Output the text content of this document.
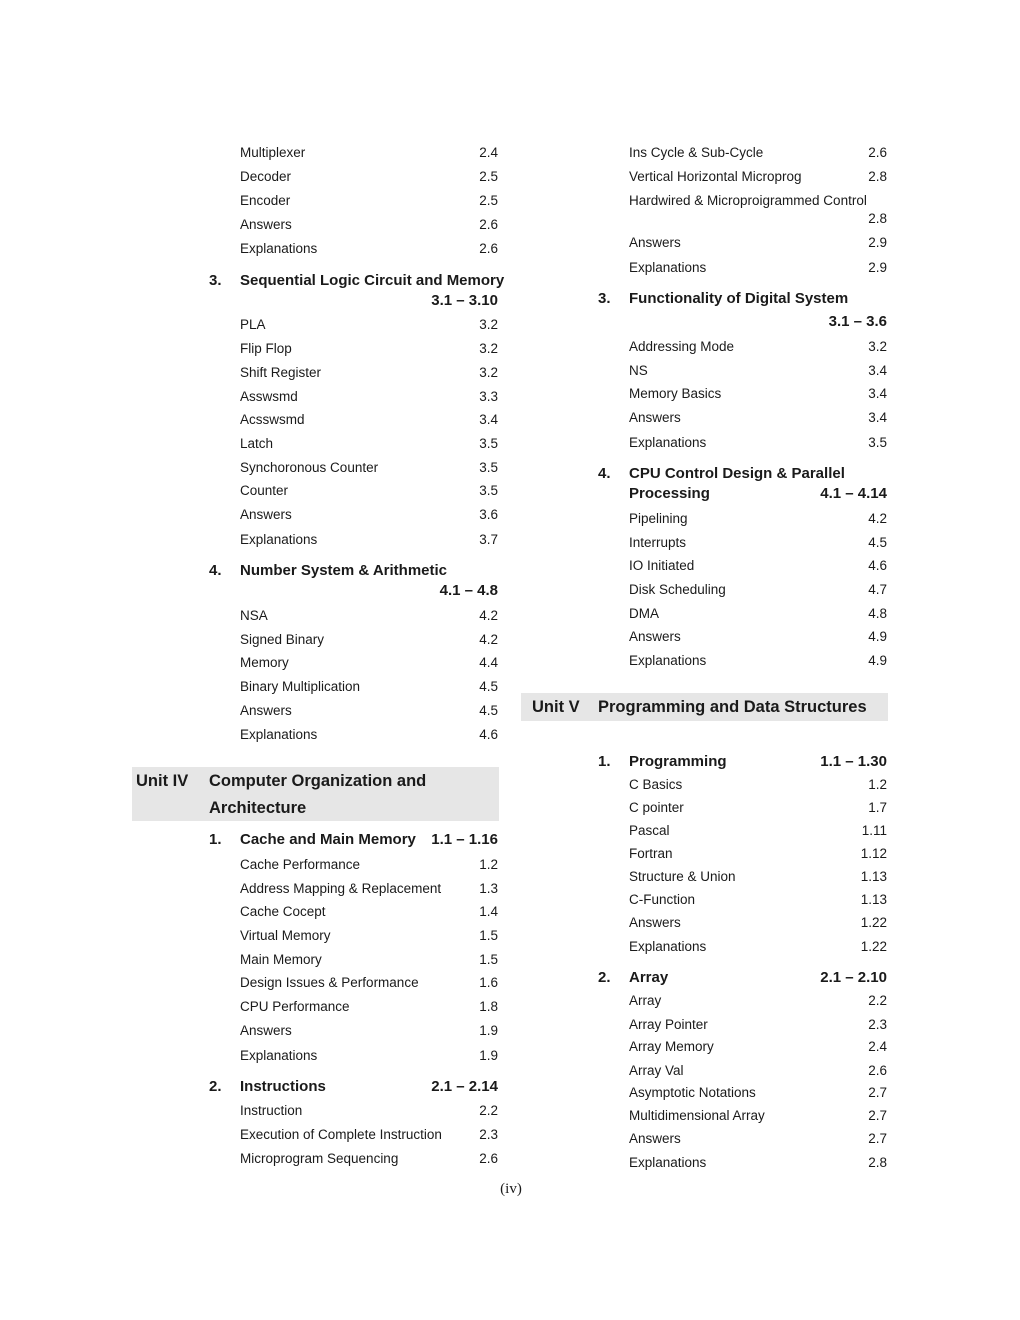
Multiplexer	2.4
Decoder	2.5
Encoder	2.5
Answers	2.6
Explanations	2.6
3. Sequential Logic Circuit and Memory
3.1 – 3.10
PLA	3.2
Flip Flop	3.2
Shift Register	3.2
Asswsmd	3.3
Acsswsmd	3.4
Latch	3.5
Synchoronous Counter	3.5
Counter	3.5
Answers	3.6
Explanations	3.7
4. Number System & Arithmetic
4.1 – 4.8
NSA	4.2
Signed Binary	4.2
Memory	4.4
Binary Multiplication	4.5
Answers	4.5
Explanations	4.6
Unit IV Computer Organization and
Architecture
1. Cache and Main Memory	1.1 – 1.16
Cache Performance	1.2
Address Mapping & Replacement	1.3
Cache Cocept	1.4
Virtual Memory	1.5
Main Memory	1.5
Design Issues & Performance	1.6
CPU Performance	1.8
Answers	1.9
Explanations	1.9
2. Instructions	2.1 – 2.14
Instruction	2.2
Execution of Complete Instruction	2.3
Microprogram Sequencing	2.6
Ins Cycle & Sub-Cycle	2.6
Vertical Horizontal Microprog	2.8
Hardwired & Microproigrammed Control
2.8
Answers	2.9
Explanations	2.9
3. Functionality of Digital System
3.1 – 3.6
Addressing Mode	3.2
NS	3.4
Memory Basics	3.4
Answers	3.4
Explanations	3.5
4. CPU Control Design & Parallel
Processing	4.1 – 4.14
Pipelining	4.2
Interrupts	4.5
IO Initiated	4.6
Disk Scheduling	4.7
DMA	4.8
Answers	4.9
Explanations	4.9
Unit V Programming and Data Structures
1. Programming	1.1 – 1.30
C Basics	1.2
C pointer	1.7
Pascal	1.11
Fortran	1.12
Structure & Union	1.13
C-Function	1.13
Answers	1.22
Explanations	1.22
2. Array	2.1 – 2.10
Array	2.2
Array Pointer	2.3
Array Memory	2.4
Array Val	2.6
Asymptotic Notations	2.7
Multidimensional Array	2.7
Answers	2.7
Explanations	2.8
(iv)
